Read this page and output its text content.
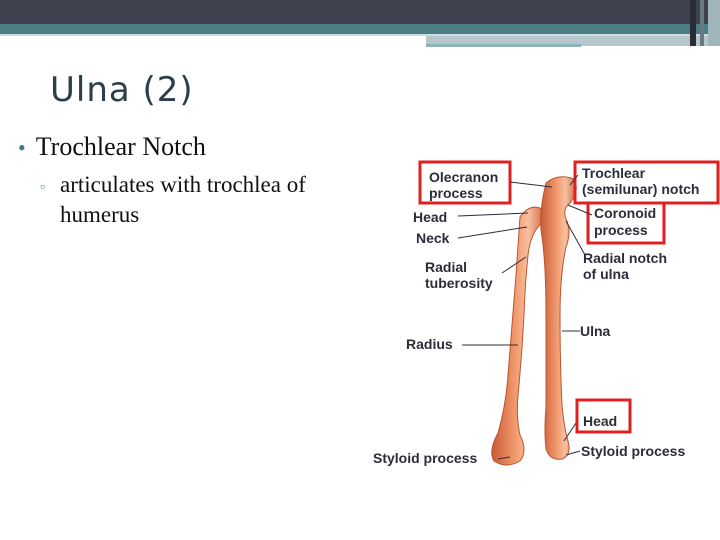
Ulna (2)
• Trochlear Notch
▫ articulates with trochlea of humerus
Olecranon
process
Trochlear
(semilunar) notch
Head	Coronoid
process
Neck
Radial notch
of ulna
Radial
tuberosity
Ulna
Radius
Head
Styloid process
Styloid process
